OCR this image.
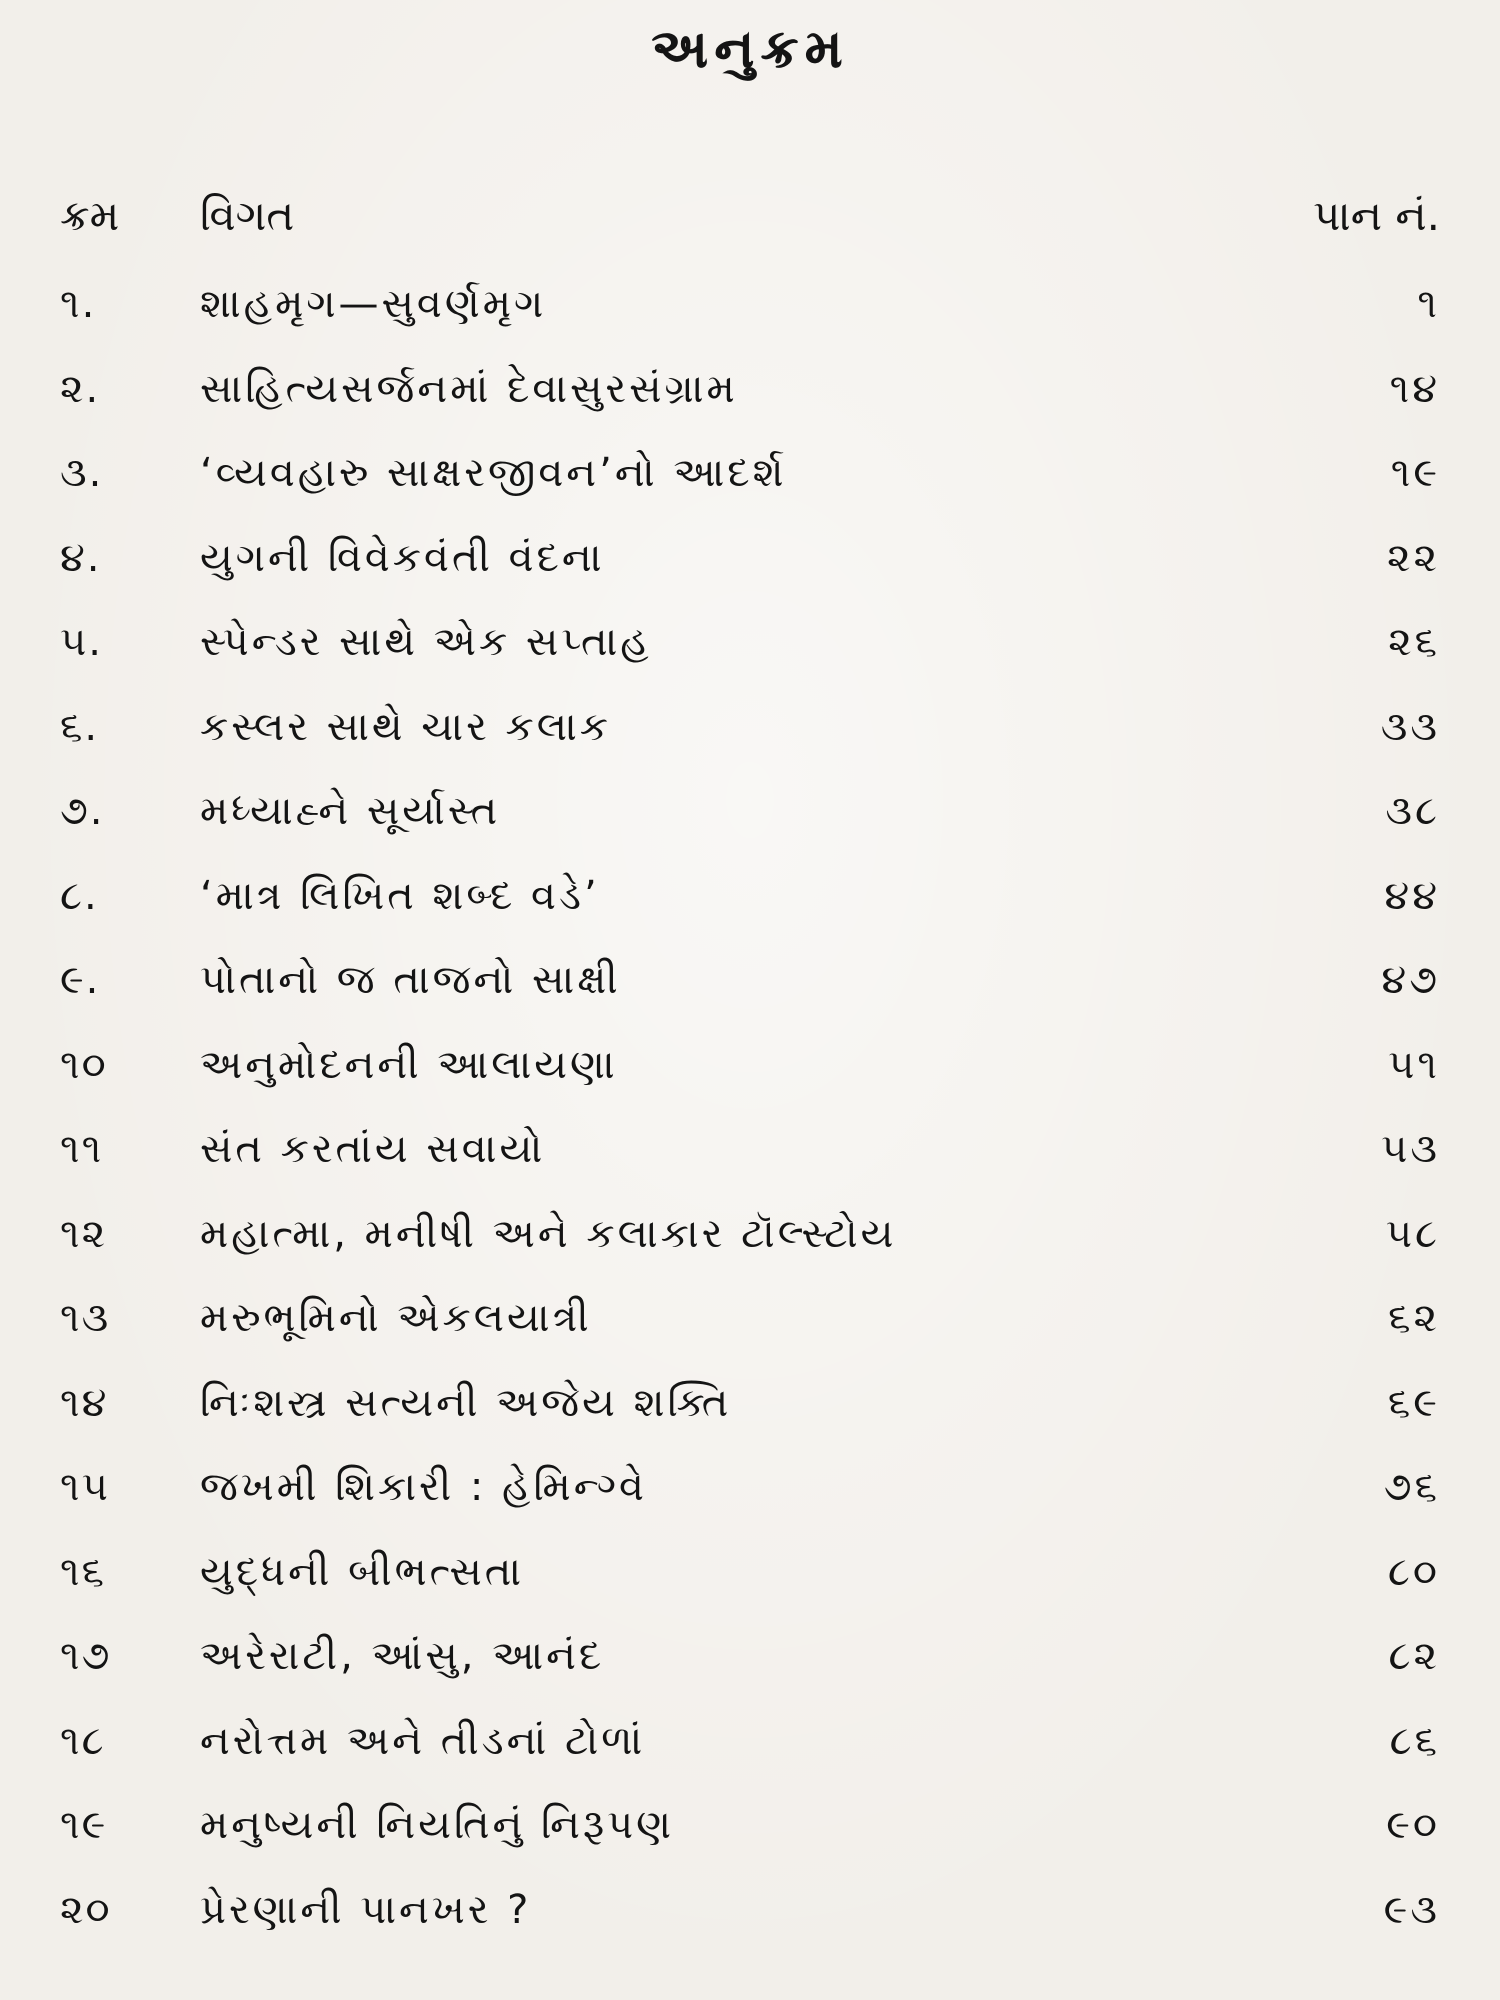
અનુક્રમ
ક્રમ વિગત	પાન નં.
૧.	શાહમૃગ—સુવર્ણમૃગ	૧
૨. સાહિત્યસર્જનમાં દેવાસુરસંગ્રામ	૧૪
૩. ‘વ્યવહારુ સાક્ષરજીવન’નો આદર્શ	૧૯
૪. યુગની વિવેકવંતી વંદના	૨૨
૫. સ્પેન્ડર સાથે એક સપ્તાહ	૨૬
૬.	કસ્લર સાથે ચાર કલાક	૩૩
૭. મધ્યાહ્ને સૂર્યાસ્ત	૩૮
૮.	‘માત્ર લિખિત શબ્દ વડે’	૪૪
૯. પોતાનો જ તાજનો સાક્ષી	૪૭
૧૦ અનુમોદનની આલાયણા	૫૧
૧૧ સંત કરતાંય સવાયો	૫૩
૧૨ મહાત્મા, મનીષી અને કલાકાર ટૉલ્સ્ટોય	૫૮
૧૩ મરુભૂમિનો એકલયાત્રી	૬૨
૧૪ નિઃશસ્ત્ર સત્યની અજેય શક્તિ	૬૯
૧૫ જખમી શિકારી : હેમિન્ગ્વે	૭૬
૧૬ યુદ્ધની બીભત્સતા	૮૦
૧૭ અરેરાટી, આંસુ, આનંદ	૮૨
૧૮ નરોત્તમ અને તીડનાં ટોળાં	૮૬
૧૯ મનુષ્યની નિયતિનું નિરૂપણ	૯૦
૨૦ પ્રેરણાની પાનખર ?	૯૩
